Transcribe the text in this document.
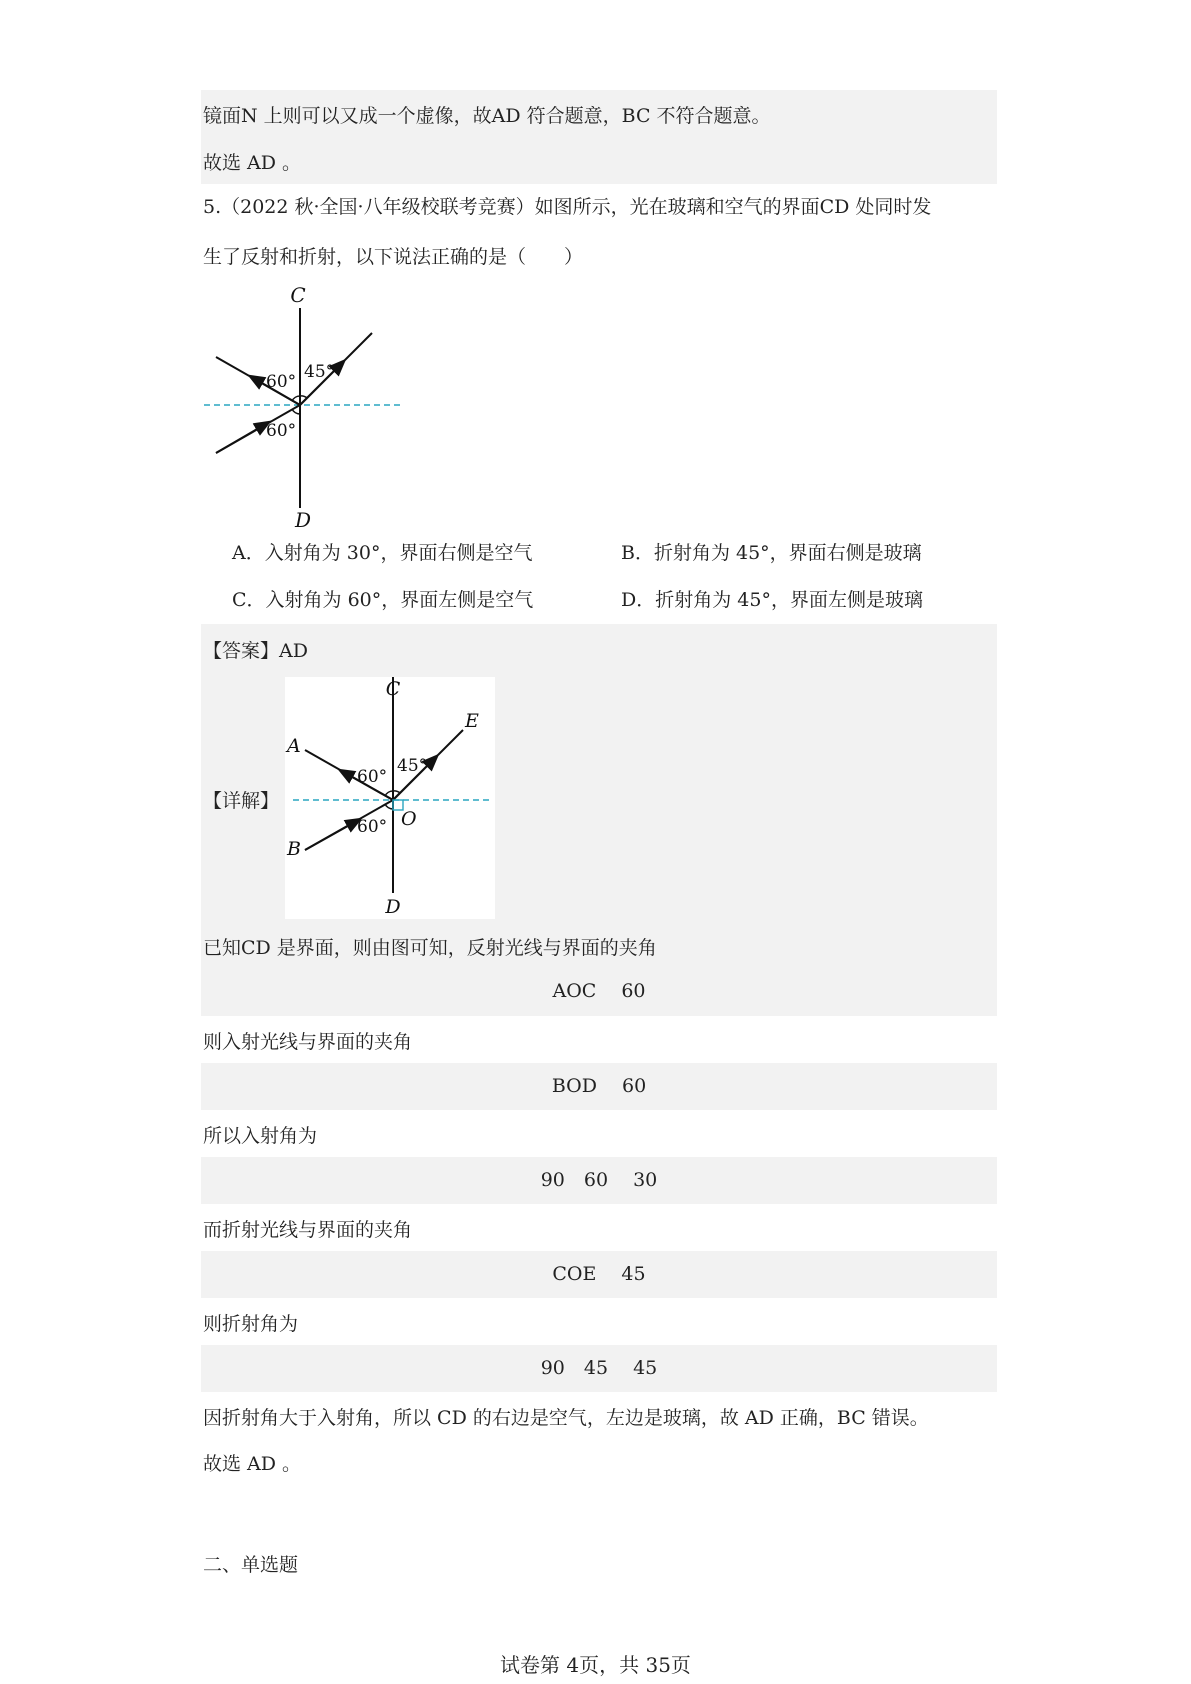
镜面N 上则可以又成一个虚像，故AD 符合题意，BC 不符合题意。
故选 AD 。
5.（2022 秋·全国·八年级校联考竞赛）如图所示，光在玻璃和空气的界面CD 处同时发
生了反射和折射，以下说法正确的是（　　）
C
D
60° 45°
60°
A．入射角为 30°，界面右侧是空气	B．折射角为 45°，界面右侧是玻璃
C．入射角为 60°，界面左侧是空气	D．折射角为 45°，界面左侧是玻璃
【答案】AD
【详解】
C
D
E
A
B
O
60°
45°
60°
已知CD 是界面，则由图可知，反射光线与界面的夹角
AOC　 60
则入射光线与界面的夹角
BOD　 60
所以入射角为
90　60　 30
而折射光线与界面的夹角
COE　 45
则折射角为
90　45　 45
因折射角大于入射角，所以 CD 的右边是空气，左边是玻璃，故 AD 正确，BC 错误。
故选 AD 。
二、单选题
试卷第 4页，共 35页
